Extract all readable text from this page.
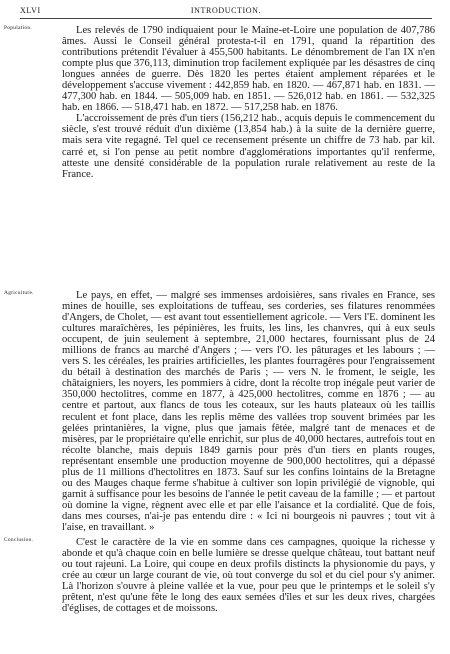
XLVI	INTRODUCTION.
Population.	Les relevés de 1790 indiquaient pour le Maine-et-Loire une population de 407,786 âmes. Aussi le Conseil général protesta-t-il en 1791, quand la répartition des contributions prétendit l'évaluer à 455,500 habitants. Le dénombrement de l'an IX n'en compte plus que 376,113, diminution trop facilement expliquée par les désastres de cinq longues années de guerre. Dès 1820 les pertes étaient amplement réparées et le développement s'accuse vivement : 442,859 hab. en 1820. — 467,871 hab. en 1831. — 477,300 hab. en 1844. — 505,009 hab. en 1851. — 526,012 hab. en 1861. — 532,325 hab. en 1866. — 518,471 hab. en 1872. — 517,258 hab. en 1876.

L'accroissement de près d'un tiers (156,212 hab., acquis depuis le commencement du siècle, s'est trouvé réduit d'un dixième (13,854 hab.) à la suite de la dernière guerre, mais sera vite regagné. Tel quel ce recensement présente un chiffre de 73 hab. par kil. carré et, si l'on pense au petit nombre d'agglomérations importantes qu'il renferme, atteste une densité considérable de la population rurale relativement au reste de la France.

Agriculture.	Le pays, en effet, — malgré ses immenses ardoisières, sans rivales en France, ses mines de houille, ses exploitations de tuffeau, ses corderies, ses filatures renommées d'Angers, de Cholet, — est avant tout essentiellement agricole. — Vers l'E. dominent les cultures maraîchères, les pépinières, les fruits, les lins, les chanvres, qui à eux seuls occupent, de juin seulement à septembre, 21,000 hectares, fournissant plus de 24 millions de francs au marché d'Angers ; — vers l'O. les pâturages et les labours ; — vers S. les céréales, les prairies artificielles, les plantes fourragères pour l'engraissement du bétail à destination des marchés de Paris ; — vers N. le froment, le seigle, les châtaigniers, les noyers, les pommiers à cidre, dont la récolte trop inégale peut varier de 350,000 hectolitres, comme en 1877, à 425,000 hectolitres, comme en 1876 ; — au centre et partout, aux flancs de tous les coteaux, sur les hauts plateaux où les taillis reculent et font place, dans les replis même des vallées trop souvent brimées par les gelées printanières, la vigne, plus que jamais fêtée, malgré tant de menaces et de misères, par le propriétaire qu'elle enrichit, sur plus de 40,000 hectares, autrefois tout en récolte blanche, mais depuis 1849 garnis pour près d'un tiers en plants rouges, représentant ensemble une production moyenne de 900,000 hectolitres, qui a dépassé plus de 11 millions d'hectolitres en 1873. Sauf sur les confins lointains de la Bretagne ou des Mauges chaque ferme s'habitue à cultiver son lopin privilégié de vignoble, qui garnit à suffisance pour les besoins de l'année le petit caveau de la famille ; — et partout où domine la vigne, règnent avec elle et par elle l'aisance et la cordialité. Que de fois, dans mes courses, n'ai-je pas entendu dire : « Ici ni bourgeois ni pauvres ; tout vit à l'aise, en travaillant. »

Conclusion.	C'est le caractère de la vie en somme dans ces campagnes, quoique la richesse y abonde et qu'à chaque coin en belle lumière se dresse quelque château, tout battant neuf ou tout rajeuni. La Loire, qui coupe en deux profils distincts la physionomie du pays, y crée au cœur un large courant de vie, où tout converge du sol et du ciel pour s'y animer. Là l'horizon s'ouvre à pleine vallée et la vue, pour peu que le printemps et le soleil s'y prêtent, n'est qu'une fête le long des eaux semées d'îles et sur les deux rives, chargées d'églises, de cottages et de moissons.
